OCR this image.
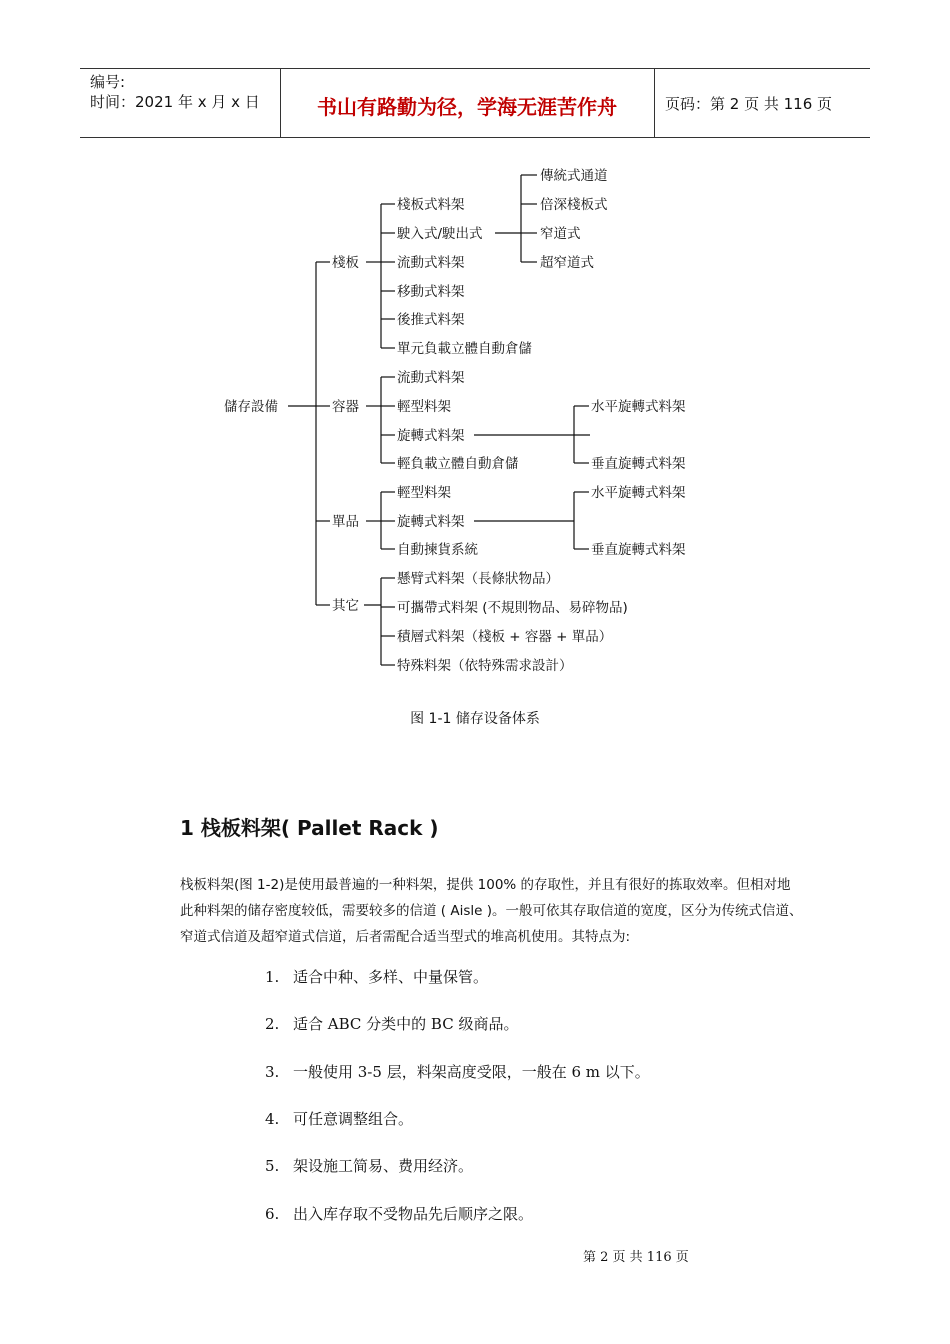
编号:
时间：2021 年 x 月 x 日	书山有路勤为径，学海无涯苦作舟	页码：第 2 页 共 116 页
儲存設備
棧板
容器
單品
其它
棧板式料架
駛入式/駛出式
流動式料架
移動式料架
後推式料架
單元負載立體自動倉儲
傳統式通道
倍深棧板式
窄道式
超窄道式
流動式料架
輕型料架
旋轉式料架
輕負載立體自動倉儲
水平旋轉式料架
垂直旋轉式料架
輕型料架
旋轉式料架
自動揀貨系統
水平旋轉式料架
垂直旋轉式料架
懸臂式料架（長條狀物品）
可攜帶式料架 (不規則物品、易碎物品)
積層式料架（棧板 + 容器 + 單品）
特殊料架（依特殊需求設計）
图 1-1 储存设备体系
1 栈板料架( Pallet Rack )
栈板料架(图 1-2)是使用最普遍的一种料架，提供 100% 的存取性，并且有很好的拣取效率。但相对地
此种料架的储存密度较低，需要较多的信道 ( Aisle )。一般可依其存取信道的宽度，区分为传统式信道、
窄道式信道及超窄道式信道，后者需配合适当型式的堆高机使用。其特点为:
1. 适合中种、多样、中量保管。
2. 适合 ABC 分类中的 BC 级商品。
3. 一般使用 3-5 层，料架高度受限，一般在 6 m 以下。
4. 可任意调整组合。
5. 架设施工简易、费用经济。
6. 出入库存取不受物品先后顺序之限。
第 2 页 共 116 页
